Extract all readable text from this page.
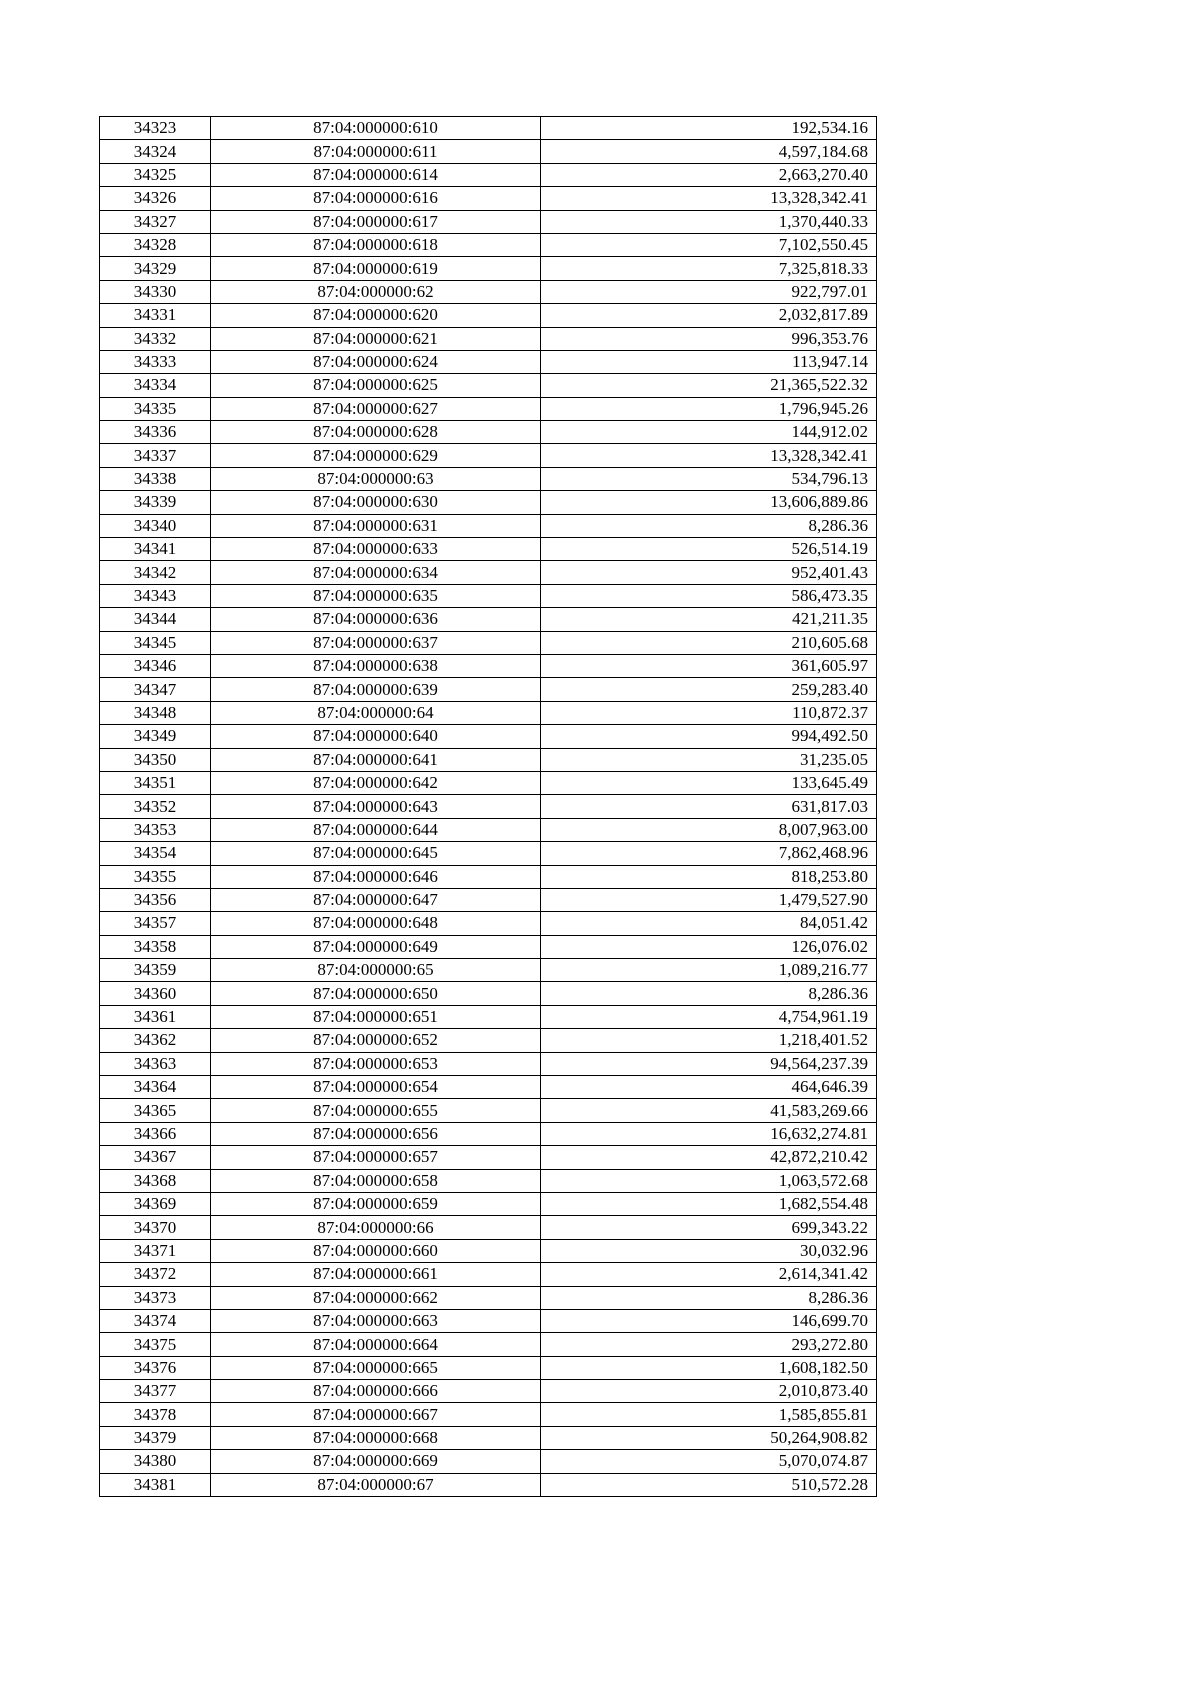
34323	87:04:000000:610	192,534.16
34324	87:04:000000:611	4,597,184.68
34325	87:04:000000:614	2,663,270.40
34326	87:04:000000:616	13,328,342.41
34327	87:04:000000:617	1,370,440.33
34328	87:04:000000:618	7,102,550.45
34329	87:04:000000:619	7,325,818.33
34330	87:04:000000:62	922,797.01
34331	87:04:000000:620	2,032,817.89
34332	87:04:000000:621	996,353.76
34333	87:04:000000:624	113,947.14
34334	87:04:000000:625	21,365,522.32
34335	87:04:000000:627	1,796,945.26
34336	87:04:000000:628	144,912.02
34337	87:04:000000:629	13,328,342.41
34338	87:04:000000:63	534,796.13
34339	87:04:000000:630	13,606,889.86
34340	87:04:000000:631	8,286.36
34341	87:04:000000:633	526,514.19
34342	87:04:000000:634	952,401.43
34343	87:04:000000:635	586,473.35
34344	87:04:000000:636	421,211.35
34345	87:04:000000:637	210,605.68
34346	87:04:000000:638	361,605.97
34347	87:04:000000:639	259,283.40
34348	87:04:000000:64	110,872.37
34349	87:04:000000:640	994,492.50
34350	87:04:000000:641	31,235.05
34351	87:04:000000:642	133,645.49
34352	87:04:000000:643	631,817.03
34353	87:04:000000:644	8,007,963.00
34354	87:04:000000:645	7,862,468.96
34355	87:04:000000:646	818,253.80
34356	87:04:000000:647	1,479,527.90
34357	87:04:000000:648	84,051.42
34358	87:04:000000:649	126,076.02
34359	87:04:000000:65	1,089,216.77
34360	87:04:000000:650	8,286.36
34361	87:04:000000:651	4,754,961.19
34362	87:04:000000:652	1,218,401.52
34363	87:04:000000:653	94,564,237.39
34364	87:04:000000:654	464,646.39
34365	87:04:000000:655	41,583,269.66
34366	87:04:000000:656	16,632,274.81
34367	87:04:000000:657	42,872,210.42
34368	87:04:000000:658	1,063,572.68
34369	87:04:000000:659	1,682,554.48
34370	87:04:000000:66	699,343.22
34371	87:04:000000:660	30,032.96
34372	87:04:000000:661	2,614,341.42
34373	87:04:000000:662	8,286.36
34374	87:04:000000:663	146,699.70
34375	87:04:000000:664	293,272.80
34376	87:04:000000:665	1,608,182.50
34377	87:04:000000:666	2,010,873.40
34378	87:04:000000:667	1,585,855.81
34379	87:04:000000:668	50,264,908.82
34380	87:04:000000:669	5,070,074.87
34381	87:04:000000:67	510,572.28
